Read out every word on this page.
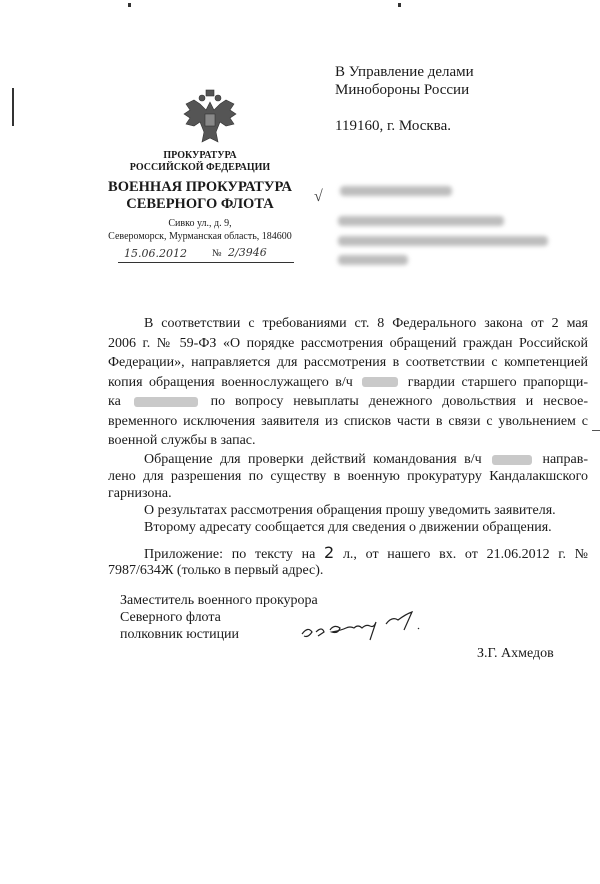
В Управление делами
Минобороны России
119160, г. Москва.
ПРОКУРАТУРА
РОССИЙСКОЙ ФЕДЕРАЦИИ
ВОЕННАЯ ПРОКУРАТУРА
СЕВЕРНОГО ФЛОТА
Сивко ул., д. 9,
Североморск, Мурманская область, 184600
15.06.2012	№ 2/3946
√
В соответствии с требованиями ст. 8 Федерального закона от 2 мая
2006 г. № 59-ФЗ «О порядке рассмотрения обращений граждан Российской
Федерации», направляется для рассмотрения в соответствии с компетенцией
копия обращения военнослужащего в/ч	гвардии старшего прапорщи-
ка	по вопросу невыплаты денежного довольствия и несвое-
временного исключения заявителя из списков части в связи с увольнением с
военной службы в запас.
Обращение для проверки действий командования в/ч	направ-
лено для разрешения по существу в военную прокуратуру Кандалакшского
гарнизона.
О результатах рассмотрения обращения прошу уведомить заявителя.
Второму адресату сообщается для сведения о движении обращения.
Приложение: по тексту на 2 л., от нашего вх. от 21.06.2012 г. №
7987/634Ж (только в первый адрес).
Заместитель военного прокурора
Северного флота
полковник юстиции
З.Г. Ахмедов
